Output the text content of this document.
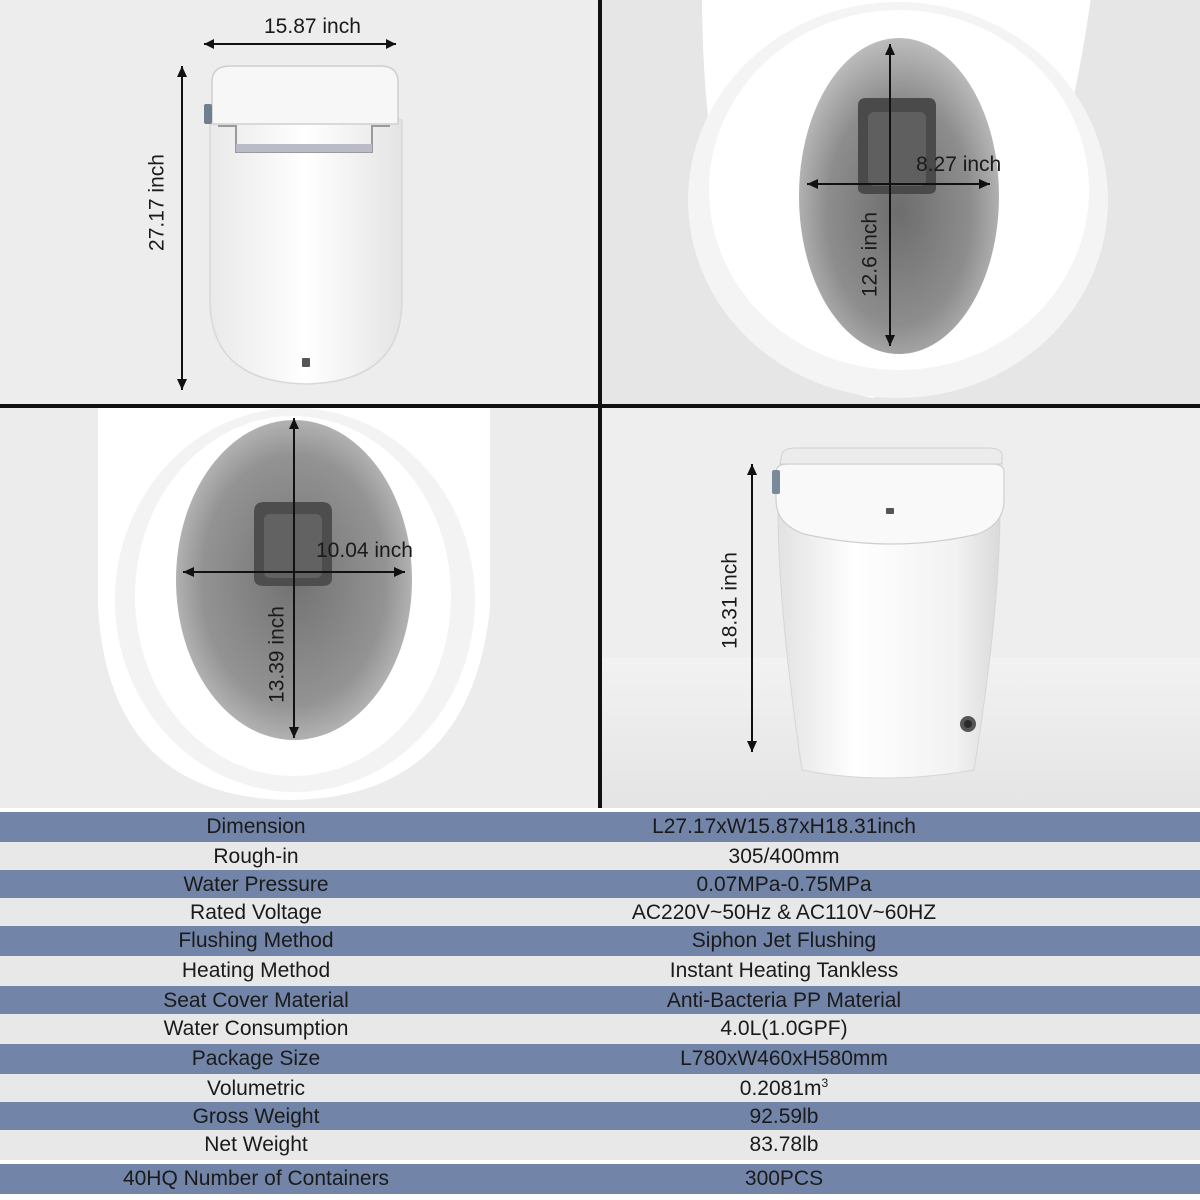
15.87 inch
27.17 inch	8.27 inch
12.6 inch
10.04 inch
13.39 inch
18.31 inch
Dimension	L27.17xW15.87xH18.31inch
Rough-in	305/400mm
Water Pressure	0.07MPa-0.75MPa
Rated Voltage	AC220V~50Hz & AC110V~60HZ
Flushing Method	Siphon Jet Flushing
Heating Method	Instant Heating Tankless
Seat Cover Material	Anti-Bacteria PP Material
Water Consumption	4.0L(1.0GPF)
Package Size	L780xW460xH580mm
Volumetric	$0.2081m^3$
Gross Weight	92.59lb
Net Weight	83.78lb
40HQ Number of Containers	300PCS
